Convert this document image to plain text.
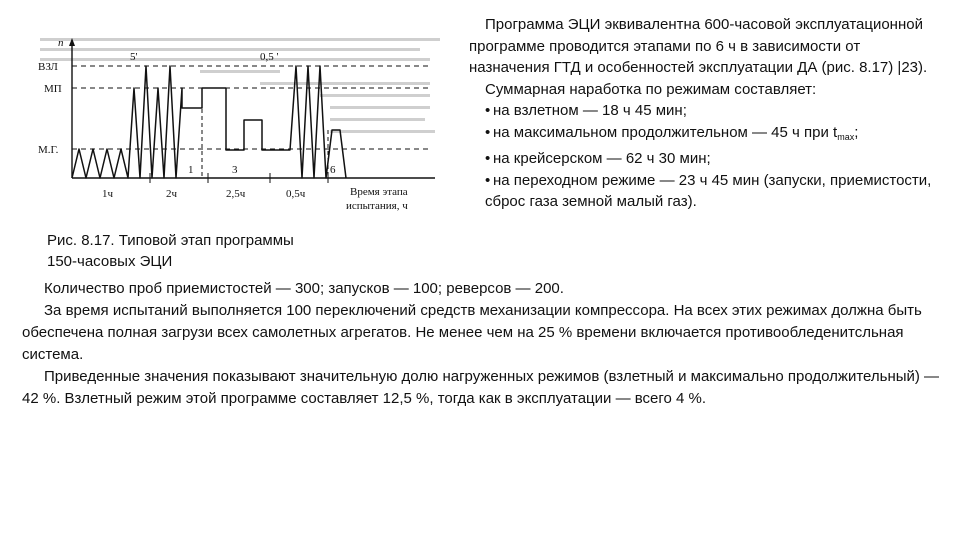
n
ВЗЛ
МП
М.Г.
5'	0,5 '
1	3	6
1ч	2ч	2,5ч	0,5ч	Время этапа
испытания, ч
Рис. 8.17. Типовой этап программы
150-часовых ЭЦИ

Программа ЭЦИ эквивалентна 600-часовой эксплуатационной программе проводится этапами по 6 ч в зависимости от назначения ГТД и особенностей эксплуатации ДА (рис. 8.17) |23).

Суммарная наработка по режимам составляет:

• на взлетном — 18 ч 45 мин;

• на максимальном продолжительном — 45 ч при $t_{max}$;

• на крейсерском — 62 ч 30 мин;

• на переходном режиме — 23 ч 45 мин (запуски, приемистости, сброс газа земной малый газ).

Количество проб приемистостей — 300; запусков — 100; реверсов — 200.

За время испытаний выполняется 100 переключений средств механизации компрессора. На всех этих режимах должна быть обеспечена полная загрузи всех самолетных агрегатов. Не менее чем на 25 % времени включается противообледенитсльная система.

Приведенные значения показывают значительную долю нагруженных режимов (взлетный и максимально продолжительный) — 42 %. Взлетный режим этой программе составляет 12,5 %, тогда как в эксплуатации — всего 4 %.
